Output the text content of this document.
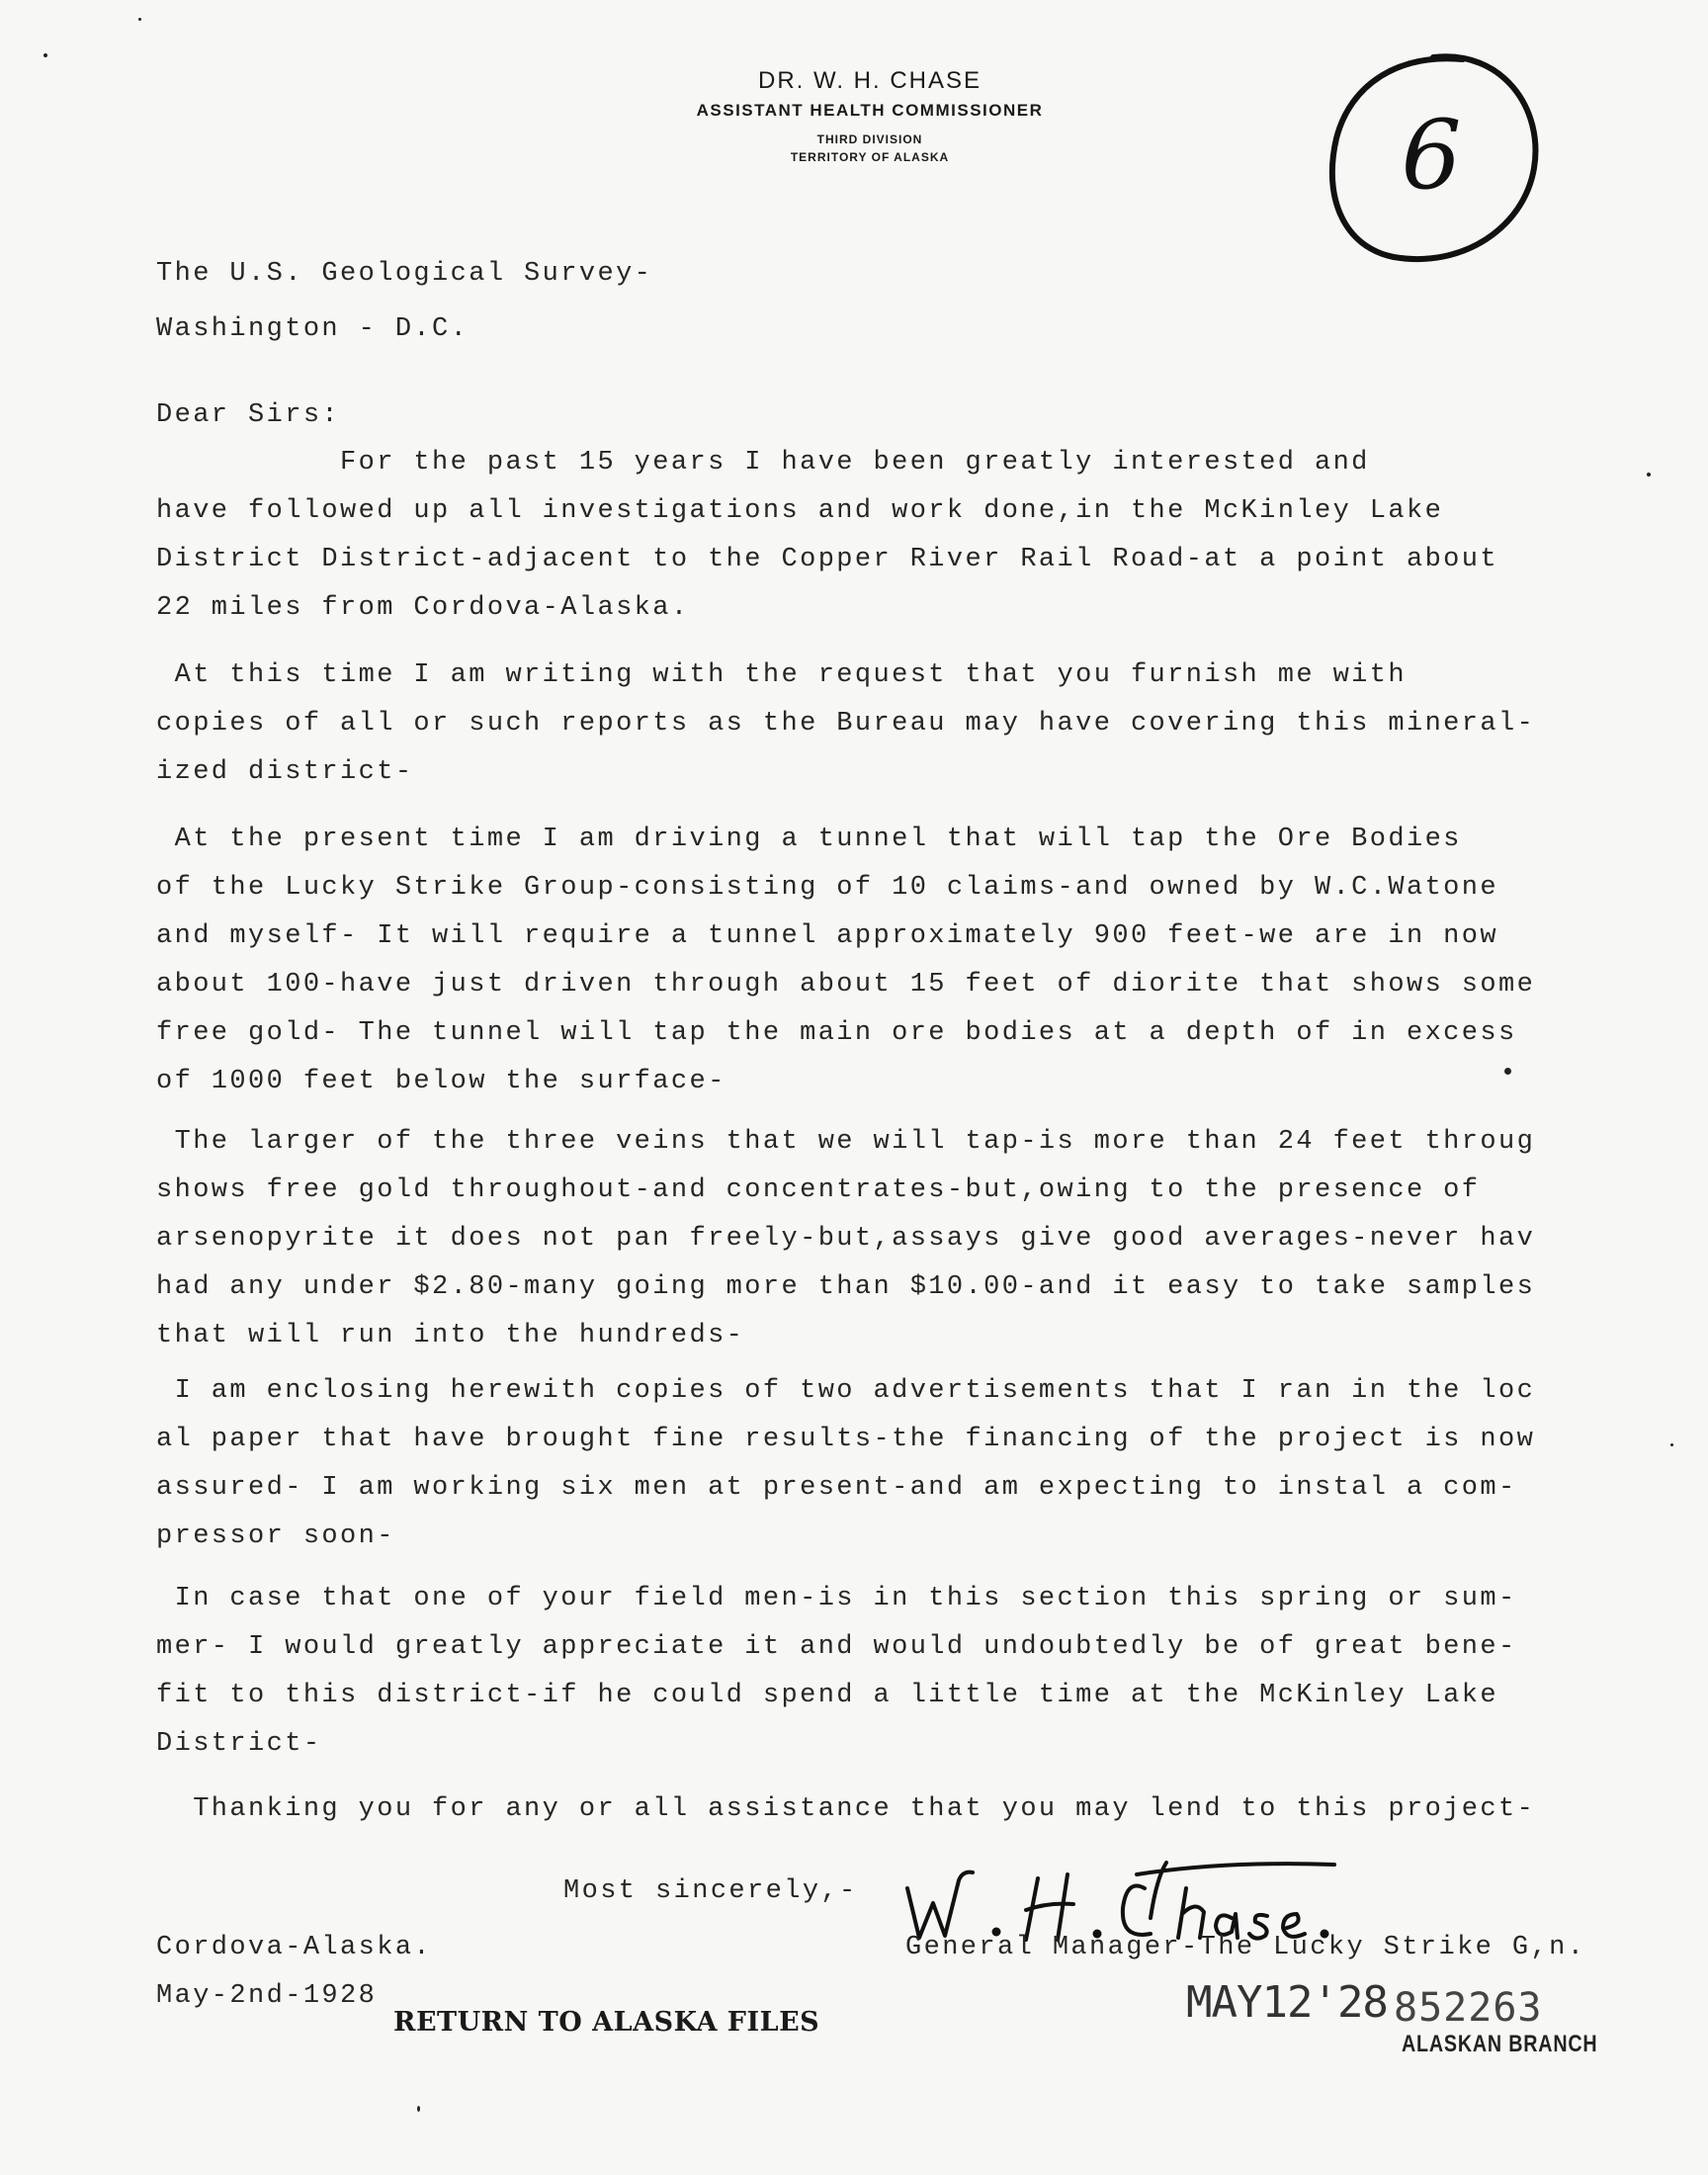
DR. W. H. CHASE
ASSISTANT HEALTH COMMISSIONER
THIRD DIVISION
TERRITORY OF ALASKA	6
The U.S. Geological Survey-
Washington - D.C.
Dear Sirs:
For the past 15 years I have been greatly interested and
have followed up all investigations and work done,in the McKinley Lake
District District-adjacent to the Copper River Rail Road-at a point about
22 miles from Cordova-Alaska.
At this time I am writing with the request that you furnish me with
copies of all or such reports as the Bureau may have covering this mineral-
ized district-
At the present time I am driving a tunnel that will tap the Ore Bodies
of the Lucky Strike Group-consisting of 10 claims-and owned by W.C.Watone
and myself- It will require a tunnel approximately 900 feet-we are in now
about 100-have just driven through about 15 feet of diorite that shows some
free gold- The tunnel will tap the main ore bodies at a depth of in excess
of 1000 feet below the surface-
The larger of the three veins that we will tap-is more than 24 feet throug
shows free gold throughout-and concentrates-but,owing to the presence of
arsenopyrite it does not pan freely-but,assays give good averages-never hav
had any under $2.80-many going more than $10.00-and it easy to take samples
that will run into the hundreds-
I am enclosing herewith copies of two advertisements that I ran in the loc
al paper that have brought fine results-the financing of the project is now
assured- I am working six men at present-and am expecting to instal a com-
pressor soon-
In case that one of your field men-is in this section this spring or sum-
mer- I would greatly appreciate it and would undoubtedly be of great bene-
fit to this district-if he could spend a little time at the McKinley Lake
District-
Thanking you for any or all assistance that you may lend to this project-
Most sincerely,-
Cordova-Alaska.	General Manager-The Lucky Strike G,n.
May-2nd-1928
RETURN TO ALASKA FILES	MAY12'28 852263
ALASKAN BRANCH
